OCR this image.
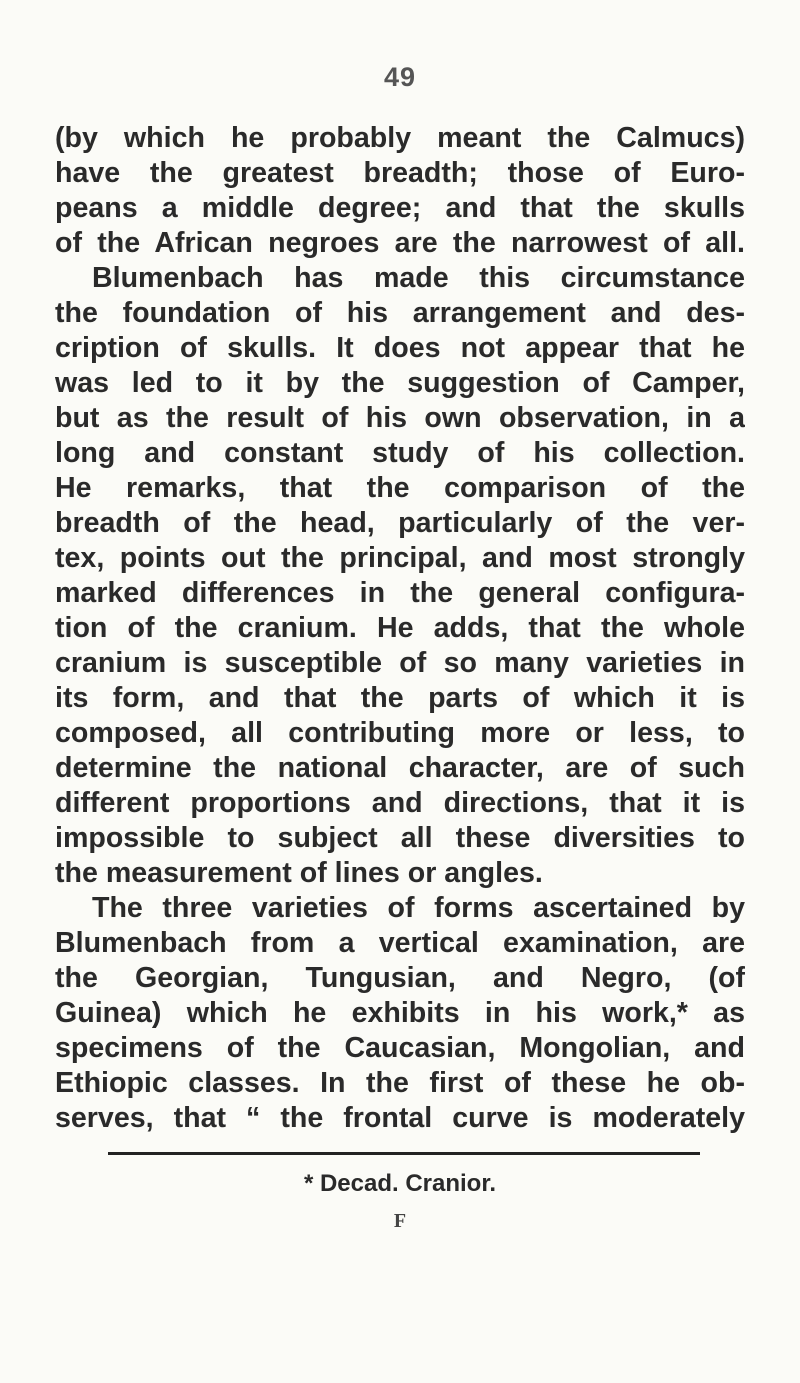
49
(by which he probably meant the Calmucs)
have the greatest breadth; those of Euro-
peans a middle degree; and that the skulls
of the African negroes are the narrowest of all.
Blumenbach has made this circumstance
the foundation of his arrangement and des-
cription of skulls. It does not appear that he
was led to it by the suggestion of Camper,
but as the result of his own observation, in a
long and constant study of his collection.
He remarks, that the comparison of the
breadth of the head, particularly of the ver-
tex, points out the principal, and most strongly
marked differences in the general configura-
tion of the cranium. He adds, that the whole
cranium is susceptible of so many varieties in
its form, and that the parts of which it is
composed, all contributing more or less, to
determine the national character, are of such
different proportions and directions, that it is
impossible to subject all these diversities to
the measurement of lines or angles.
The three varieties of forms ascertained by
Blumenbach from a vertical examination, are
the Georgian, Tungusian, and Negro, (of
Guinea) which he exhibits in his work,* as
specimens of the Caucasian, Mongolian, and
Ethiopic classes. In the first of these he ob-
serves, that “ the frontal curve is moderately
* Decad. Cranior.
F
